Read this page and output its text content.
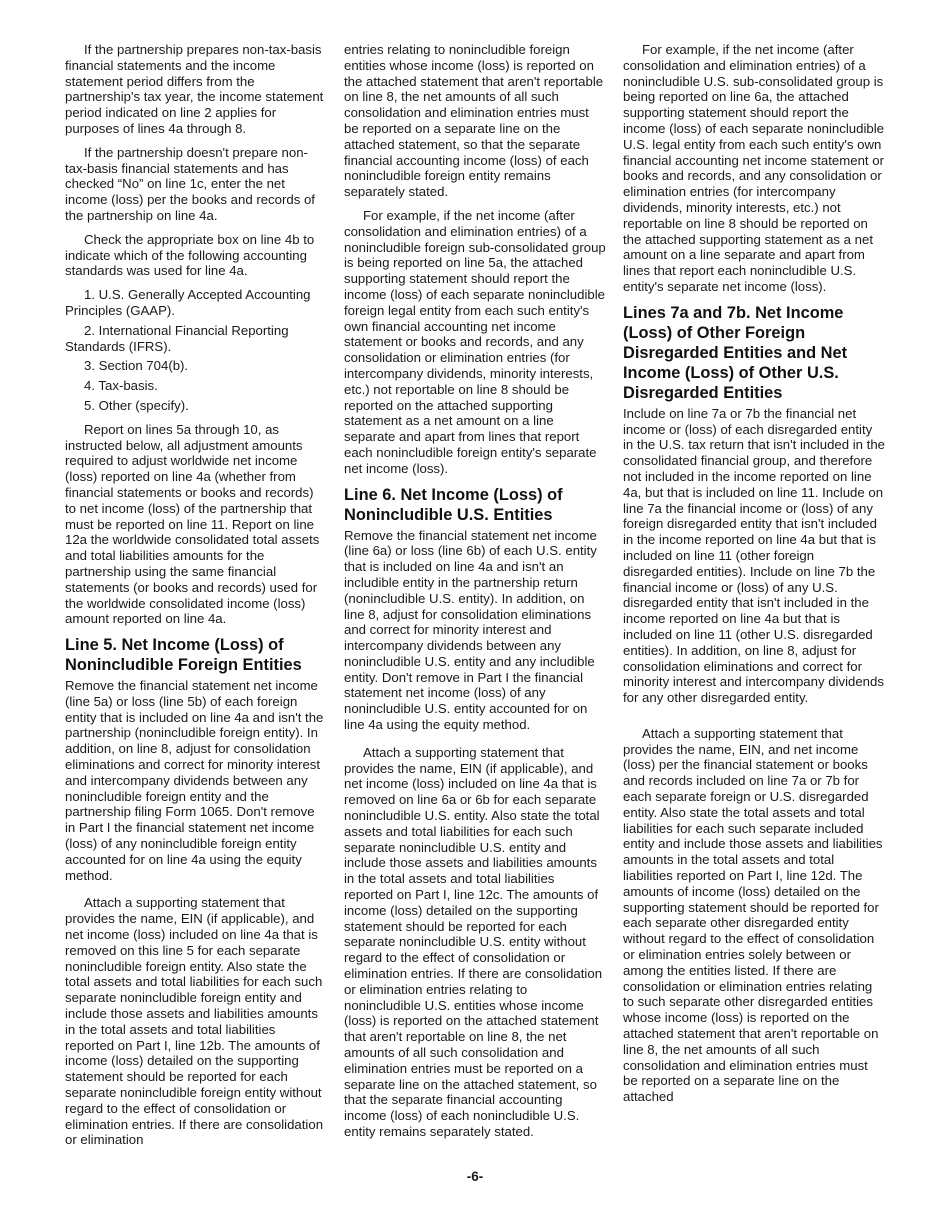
If the partnership prepares non-tax-basis financial statements and the income statement period differs from the partnership's tax year, the income statement period indicated on line 2 applies for purposes of lines 4a through 8.

If the partnership doesn't prepare non-tax-basis financial statements and has checked “No” on line 1c, enter the net income (loss) per the books and records of the partnership on line 4a.

Check the appropriate box on line 4b to indicate which of the following accounting standards was used for line 4a.

1. U.S. Generally Accepted Accounting Principles (GAAP).

2. International Financial Reporting Standards (IFRS).

3. Section 704(b).

4. Tax-basis.

5. Other (specify).

Report on lines 5a through 10, as instructed below, all adjustment amounts required to adjust worldwide net income (loss) reported on line 4a (whether from financial statements or books and records) to net income (loss) of the partnership that must be reported on line 11. Report on line 12a the worldwide consolidated total assets and total liabilities amounts for the partnership using the same financial statements (or books and records) used for the worldwide consolidated income (loss) amount reported on line 4a.

Line 5. Net Income (Loss) of Nonincludible Foreign Entities

Remove the financial statement net income (line 5a) or loss (line 5b) of each foreign entity that is included on line 4a and isn't the partnership (nonincludible foreign entity). In addition, on line 8, adjust for consolidation eliminations and correct for minority interest and intercompany dividends between any nonincludible foreign entity and the partnership filing Form 1065. Don't remove in Part I the financial statement net income (loss) of any nonincludible foreign entity accounted for on line 4a using the equity method.

Attach a supporting statement that provides the name, EIN (if applicable), and net income (loss) included on line 4a that is removed on this line 5 for each separate nonincludible foreign entity. Also state the total assets and total liabilities for each such separate nonincludible foreign entity and include those assets and liabilities amounts in the total assets and total liabilities reported on Part I, line 12b. The amounts of income (loss) detailed on the supporting statement should be reported for each separate nonincludible foreign entity without regard to the effect of consolidation or elimination entries. If there are consolidation or elimination

entries relating to nonincludible foreign entities whose income (loss) is reported on the attached statement that aren't reportable on line 8, the net amounts of all such consolidation and elimination entries must be reported on a separate line on the attached statement, so that the separate financial accounting income (loss) of each nonincludible foreign entity remains separately stated.

For example, if the net income (after consolidation and elimination entries) of a nonincludible foreign sub-consolidated group is being reported on line 5a, the attached supporting statement should report the income (loss) of each separate nonincludible foreign legal entity from each such entity's own financial accounting net income statement or books and records, and any consolidation or elimination entries (for intercompany dividends, minority interests, etc.) not reportable on line 8 should be reported on the attached supporting statement as a net amount on a line separate and apart from lines that report each nonincludible foreign entity's separate net income (loss).

Line 6. Net Income (Loss) of Nonincludible U.S. Entities

Remove the financial statement net income (line 6a) or loss (line 6b) of each U.S. entity that is included on line 4a and isn't an includible entity in the partnership return (nonincludible U.S. entity). In addition, on line 8, adjust for consolidation eliminations and correct for minority interest and intercompany dividends between any nonincludible U.S. entity and any includible entity. Don't remove in Part I the financial statement net income (loss) of any nonincludible U.S. entity accounted for on line 4a using the equity method.

Attach a supporting statement that provides the name, EIN (if applicable), and net income (loss) included on line 4a that is removed on line 6a or 6b for each separate nonincludible U.S. entity. Also state the total assets and total liabilities for each such separate nonincludible U.S. entity and include those assets and liabilities amounts in the total assets and total liabilities reported on Part I, line 12c. The amounts of income (loss) detailed on the supporting statement should be reported for each separate nonincludible U.S. entity without regard to the effect of consolidation or elimination entries. If there are consolidation or elimination entries relating to nonincludible U.S. entities whose income (loss) is reported on the attached statement that aren't reportable on line 8, the net amounts of all such consolidation and elimination entries must be reported on a separate line on the attached statement, so that the separate financial accounting income (loss) of each nonincludible U.S. entity remains separately stated.

For example, if the net income (after consolidation and elimination entries) of a nonincludible U.S. sub-consolidated group is being reported on line 6a, the attached supporting statement should report the income (loss) of each separate nonincludible U.S. legal entity from each such entity's own financial accounting net income statement or books and records, and any consolidation or elimination entries (for intercompany dividends, minority interests, etc.) not reportable on line 8 should be reported on the attached supporting statement as a net amount on a line separate and apart from lines that report each nonincludible U.S. entity's separate net income (loss).

Lines 7a and 7b. Net Income (Loss) of Other Foreign Disregarded Entities and Net Income (Loss) of Other U.S. Disregarded Entities

Include on line 7a or 7b the financial net income or (loss) of each disregarded entity in the U.S. tax return that isn't included in the consolidated financial group, and therefore not included in the income reported on line 4a, but that is included on line 11. Include on line 7a the financial income or (loss) of any foreign disregarded entity that isn't included in the income reported on line 4a but that is included on line 11 (other foreign disregarded entities). Include on line 7b the financial income or (loss) of any U.S. disregarded entity that isn't included in the income reported on line 4a but that is included on line 11 (other U.S. disregarded entities). In addition, on line 8, adjust for consolidation eliminations and correct for minority interest and intercompany dividends for any other disregarded entity.

Attach a supporting statement that provides the name, EIN, and net income (loss) per the financial statement or books and records included on line 7a or 7b for each separate foreign or U.S. disregarded entity. Also state the total assets and total liabilities for each such separate included entity and include those assets and liabilities amounts in the total assets and total liabilities reported on Part I, line 12d. The amounts of income (loss) detailed on the supporting statement should be reported for each separate other disregarded entity without regard to the effect of consolidation or elimination entries solely between or among the entities listed. If there are consolidation or elimination entries relating to such separate other disregarded entities whose income (loss) is reported on the attached statement that aren't reportable on line 8, the net amounts of all such consolidation and elimination entries must be reported on a separate line on the attached

-6-
